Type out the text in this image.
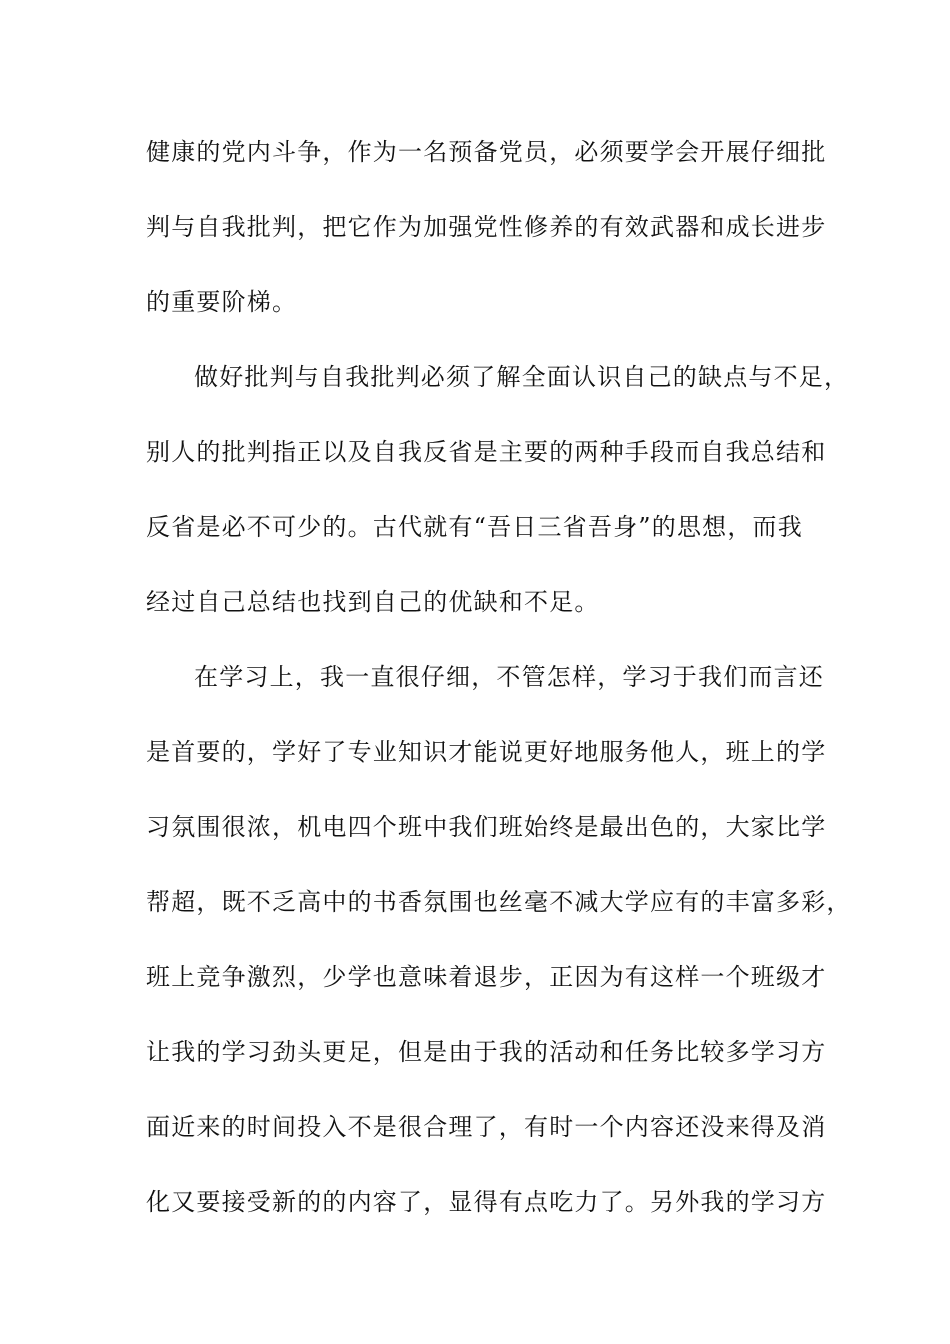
健康的党内斗争，作为一名预备党员，必须要学会开展仔细批
判与自我批判，把它作为加强党性修养的有效武器和成长进步
的重要阶梯。
做好批判与自我批判必须了解全面认识自己的缺点与不足，
别人的批判指正以及自我反省是主要的两种手段而自我总结和
反省是必不可少的。古代就有“吾日三省吾身”的思想，而我
经过自己总结也找到自己的优缺和不足。
在学习上，我一直很仔细，不管怎样，学习于我们而言还
是首要的，学好了专业知识才能说更好地服务他人，班上的学
习氛围很浓，机电四个班中我们班始终是最出色的，大家比学
帮超，既不乏高中的书香氛围也丝毫不减大学应有的丰富多彩，
班上竞争激烈，少学也意味着退步，正因为有这样一个班级才
让我的学习劲头更足，但是由于我的活动和任务比较多学习方
面近来的时间投入不是很合理了，有时一个内容还没来得及消
化又要接受新的的内容了，显得有点吃力了。另外我的学习方
